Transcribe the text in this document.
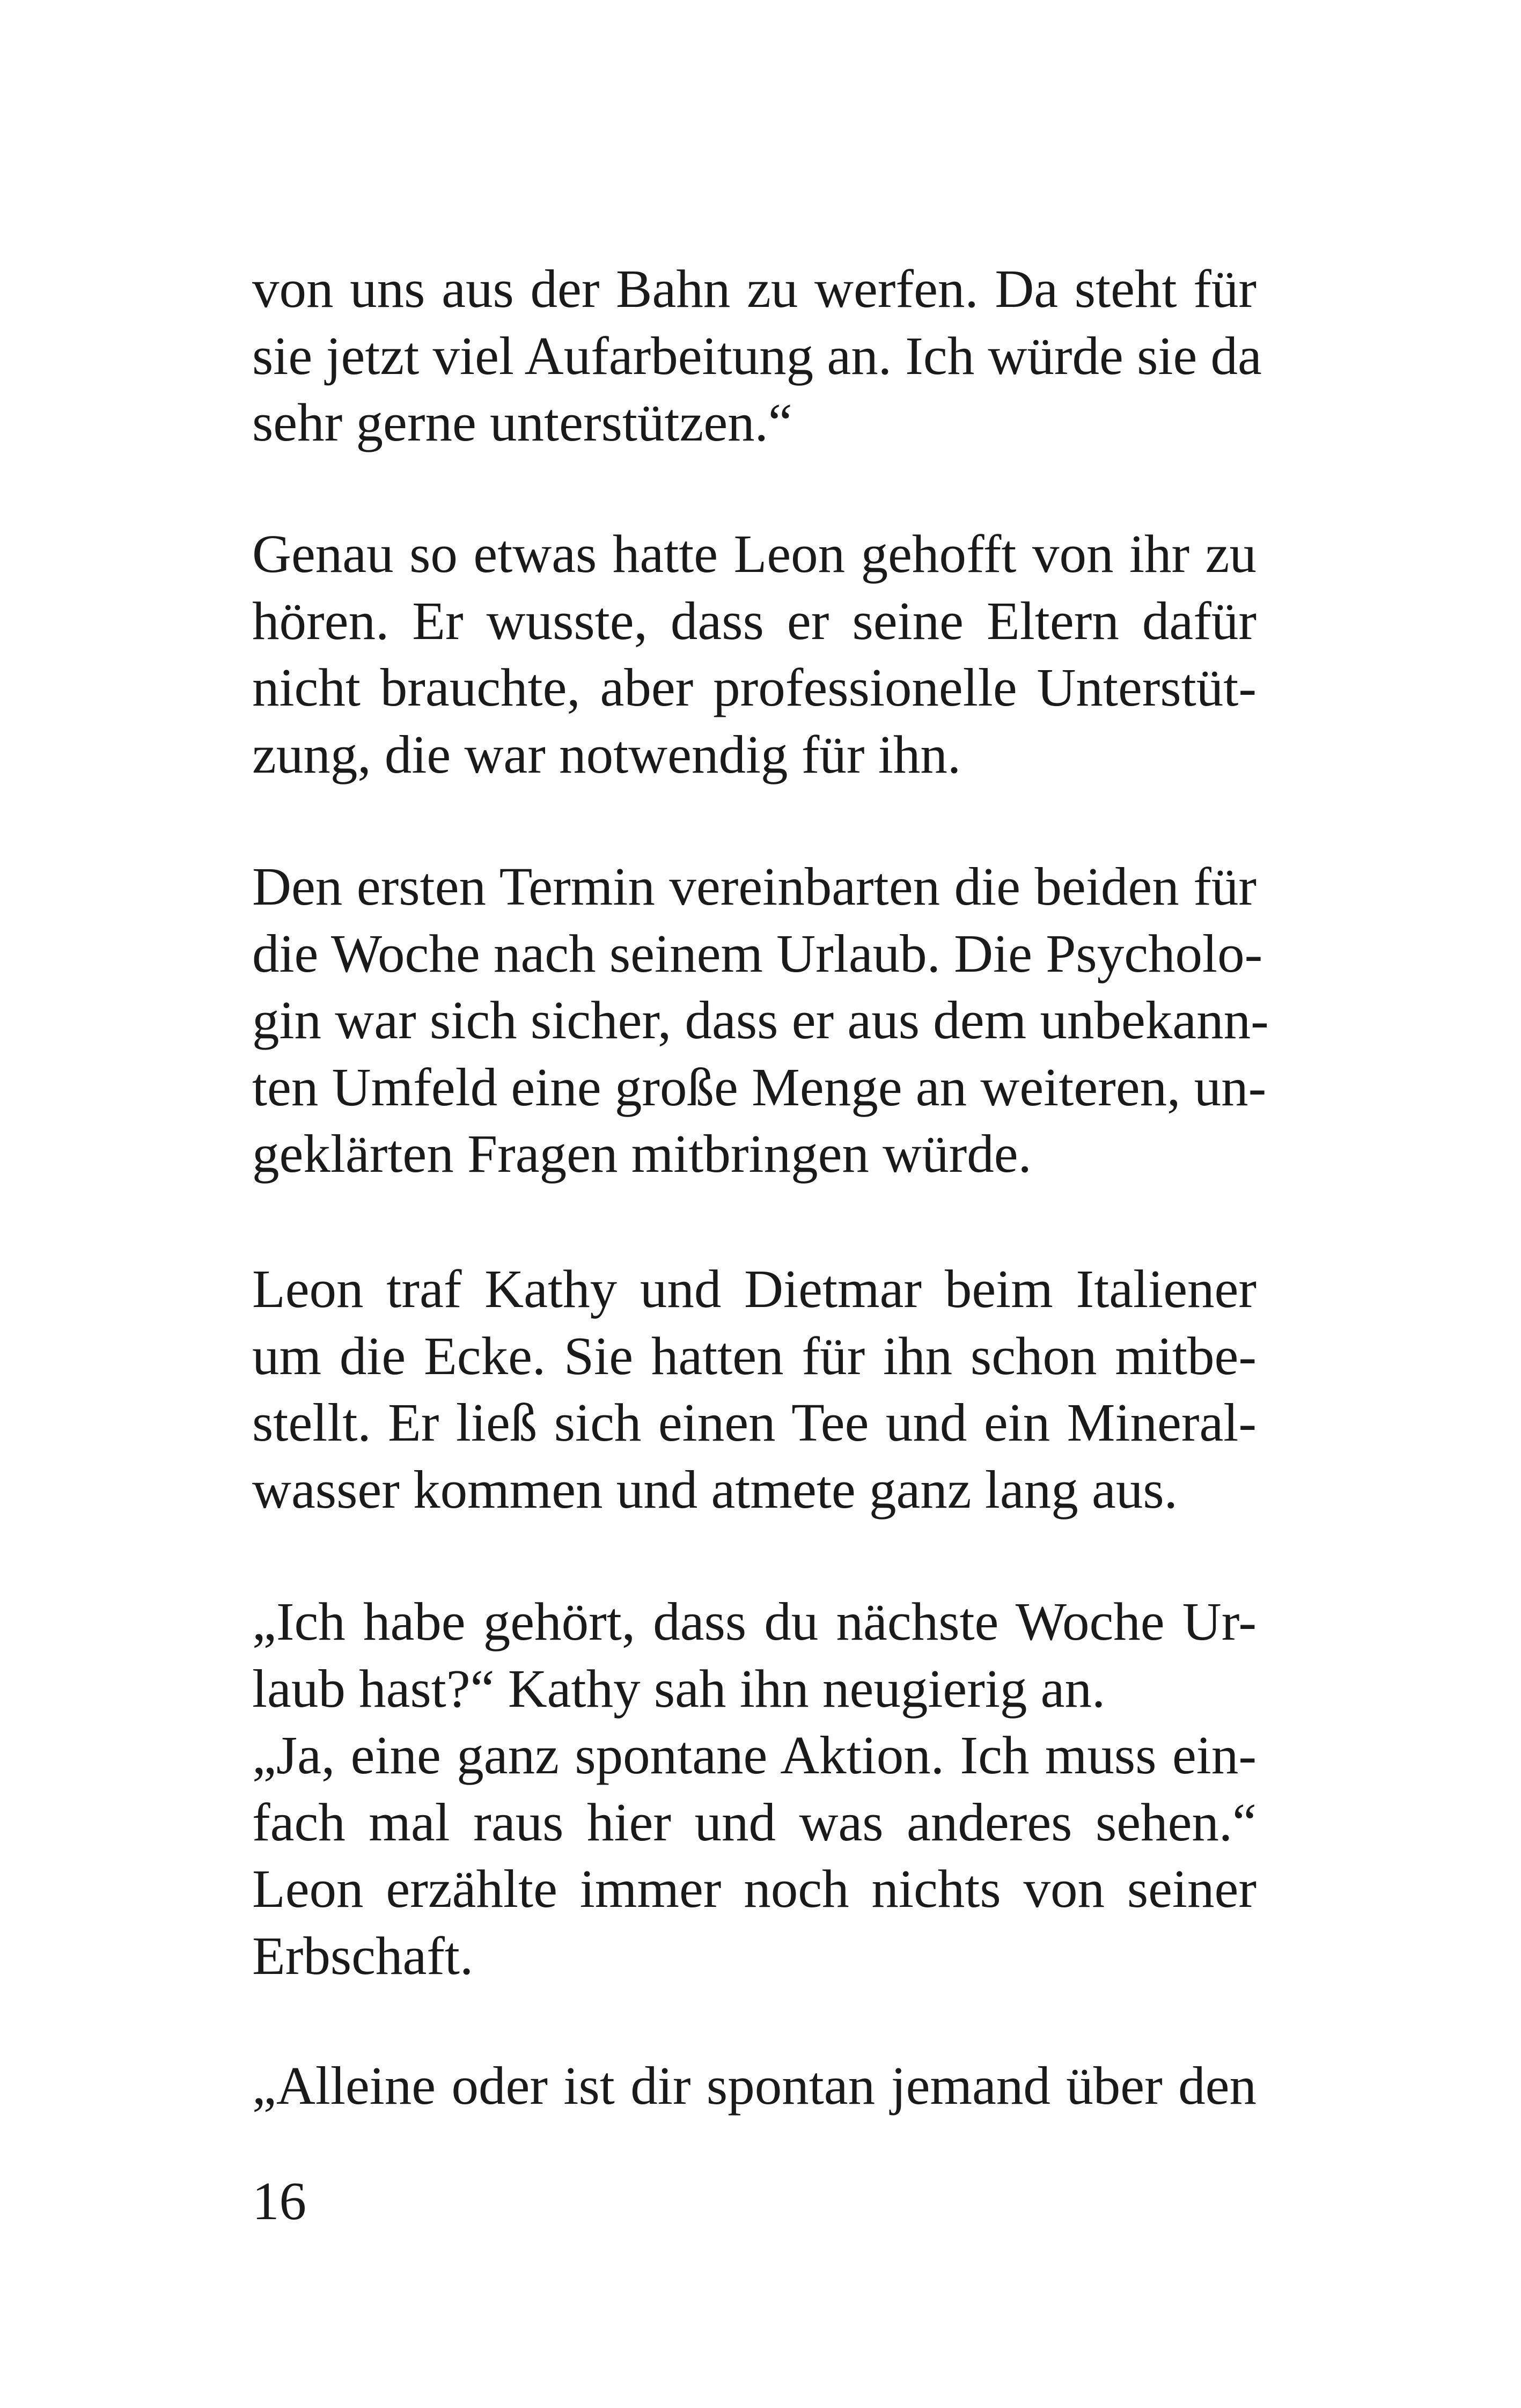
von uns aus der Bahn zu werfen. Da steht für
sie jetzt viel Aufarbeitung an. Ich würde sie da
sehr gerne unterstützen.“
Genau so etwas hatte Leon gehofft von ihr zu
hören. Er wusste, dass er seine Eltern dafür
nicht brauchte, aber professionelle Unterstüt-
zung, die war notwendig für ihn.
Den ersten Termin vereinbarten die beiden für
die Woche nach seinem Urlaub. Die Psycholo-
gin war sich sicher, dass er aus dem unbekann-
ten Umfeld eine große Menge an weiteren, un-
geklärten Fragen mitbringen würde.
Leon traf Kathy und Dietmar beim Italiener
um die Ecke. Sie hatten für ihn schon mitbe-
stellt. Er ließ sich einen Tee und ein Mineral-
wasser kommen und atmete ganz lang aus.
„Ich habe gehört, dass du nächste Woche Ur-
laub hast?“ Kathy sah ihn neugierig an.
„Ja, eine ganz spontane Aktion. Ich muss ein-
fach mal raus hier und was anderes sehen.“
Leon erzählte immer noch nichts von seiner
Erbschaft.
„Alleine oder ist dir spontan jemand über den
16
